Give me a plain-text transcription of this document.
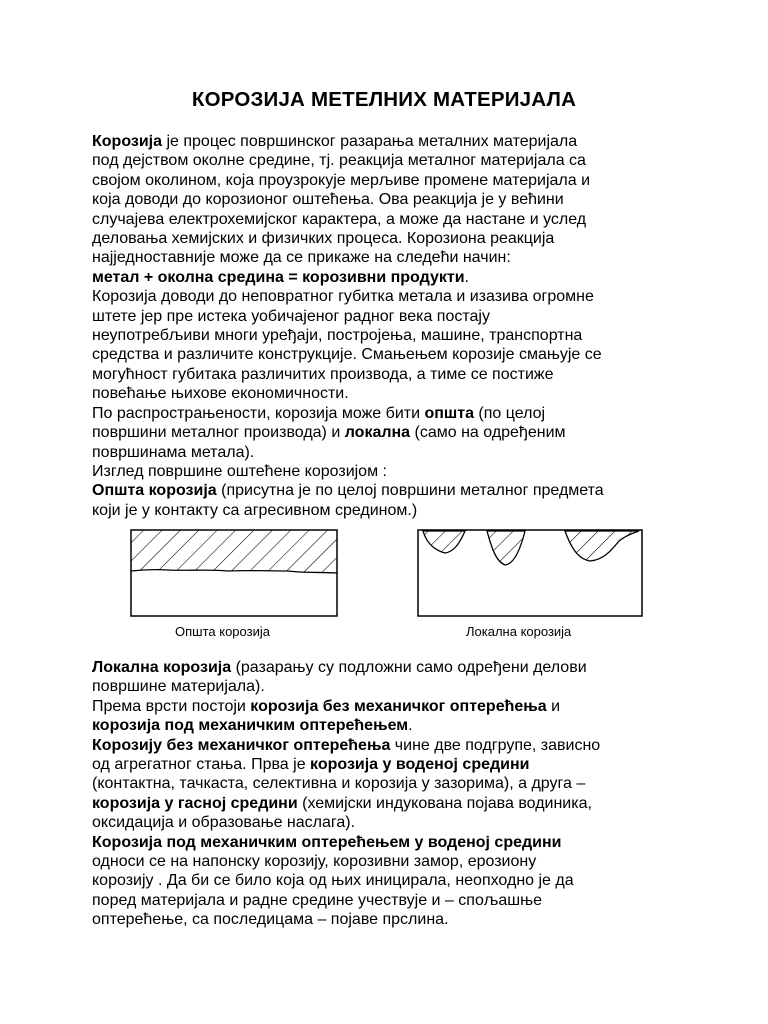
КОРОЗИЈА МЕТЕЛНИХ МАТЕРИЈАЛА

Корозија је процес површинског разарања металних материјала

под дејством околне средине, тј. реакција металног материјала са

својом околином, која проузрокује мерљиве промене материјала и

која доводи до корозионог оштећења. Ова реакција је у већини

случајева електрохемијског карактера, а може да настане и услед

деловања хемијских и физичких процеса. Корозиона реакција

најједноставније може да се прикаже на следећи начин:

метал + околна средина = корозивни продукти.

Корозија доводи до неповратног губитка метала и изазива огромне

штете јер пре истека уобичајеног радног века постају

неупотребљиви многи уређаји, постројења, машине, транспортна

средства и различите конструкције. Смањењем корозије смањује се

могућност губитака различитих производа, а тиме се постиже

повећање њихове економичности.

По распрострањености, корозија може бити општа (по целој

површини металног производа) и локална (само на одређеним

површинама метала).

Изглед површине оштећене корозијом :

Општа корозија (присутна је по целој површини металног предмета

који је у контакту са агресивном средином.)

Општа корозија	Локална корозија

Локална корозија (разарању су подложни само одређени делови

површине материјала).

Према врсти постоји корозија без механичког оптерећења и

корозија под механичким оптерећењем.

Корозију без механичког оптерећења чине две подгрупе, зависно

од агрегатног стања. Прва је корозија у воденој средини

(контактна, тачкаста, селективна и корозија у зазорима), а друга –

корозија у гасној средини (хемијски индукована појава водиника,

оксидација и образовање наслага).

Корозија под механичким оптерећењем у воденој средини

односи се на напонску корозију, корозивни замор, ерозиону

корозију . Да би се било која од њих иницирала, неопходно је да

поред материјала и радне средине учествује и – спољашње

оптерећење, са последицама – појаве прслина.
